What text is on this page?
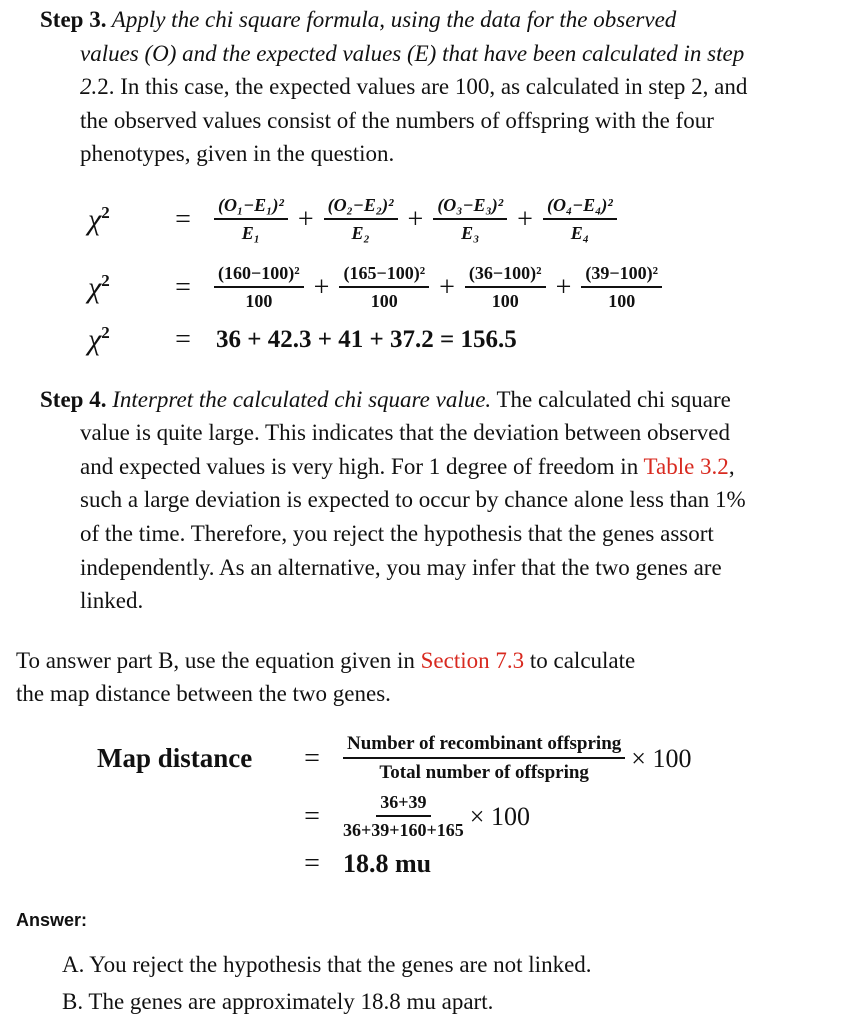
Step 3. Apply the chi square formula, using the data for the observed
values (O) and the expected values (E) that have been calculated in step
2.2. In this case, the expected values are 100, as calculated in step 2, and
the observed values consist of the numbers of offspring with the four
phenotypes, given in the question.
$\chi^2$	=	$\frac{\text{(O₁−E₁)²}}{\text{E₁}} + \frac{\text{(O₂−E₂)²}}{\text{E₂}} + \frac{\text{(O₃−E₃)²}}{\text{E₃}} + \frac{\text{(O₄−E₄)²}}{\text{E₄}}$
$\chi^2$	=	$\frac{\text{(160−100)²}}{100} + \frac{\text{(165−100)²}}{100} + \frac{\text{(36−100)²}}{100} + \frac{\text{(39−100)²}}{100}$
$\chi^2$	=	36 + 42.3 + 41 + 37.2 = 156.5
Step 4. Interpret the calculated chi square value. The calculated chi square
value is quite large. This indicates that the deviation between observed
and expected values is very high. For 1 degree of freedom in Table 3.2,
such a large deviation is expected to occur by chance alone less than 1%
of the time. Therefore, you reject the hypothesis that the genes assort
independently. As an alternative, you may infer that the two genes are
linked.
To answer part B, use the equation given in Section 7.3 to calculate
the map distance between the two genes.
Map distance	=	$\frac{\text{Number of recombinant offspring}}{\text{Total number of offspring}} \times 100$
=	$\frac{36+39}{36+39+160+165} \times 100$
= 18.8 mu
Answer:
A. You reject the hypothesis that the genes are not linked.
B. The genes are approximately 18.8 mu apart.
